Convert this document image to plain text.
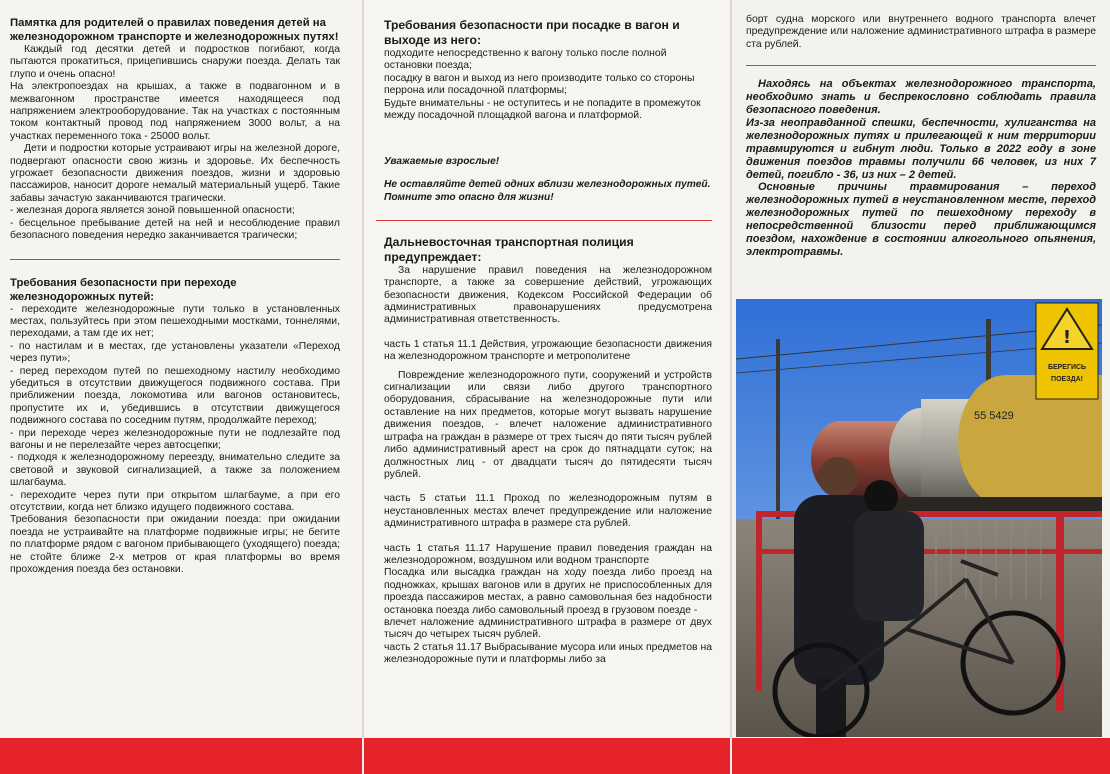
Памятка для родителей о правилах поведения детей на железнодорожном транспорте и железнодорожных путях!

Каждый год десятки детей и подростков погибают, когда пытаются прокатиться, прицепившись снаружи поезда. Делать так глупо и очень опасно!

На электропоездах на крышах, а также в подвагонном и в межвагонном пространстве имеется находящееся под напряжением электрооборудование. Так на участках с постоянным током контактный провод под напряжением 3000 вольт, а на участках переменного тока - 25000 вольт.

Дети и подростки которые устраивают игры на железной дороге, подвергают опасности свою жизнь и здоровье. Их беспечность угрожает безопасности движения поездов, жизни и здоровью пассажиров, наносит дороге немалый материальный ущерб. Такие забавы зачастую заканчиваются трагически.

- железная дорога является зоной повышенной опасности;

- бесцельное пребывание детей на ней и несоблюдение правил безопасного поведения нередко заканчивается трагически;

Требования безопасности при переходе железнодорожных путей:

- переходите железнодорожные пути только в установленных местах, пользуйтесь при этом пешеходными мостками, тоннелями, переходами, а там где их нет;

- по настилам и в местах, где установлены указатели «Переход через пути»;

- перед переходом путей по пешеходному настилу необходимо убедиться в отсутствии движущегося подвижного состава. При приближении поезда, локомотива или вагонов остановитесь, пропустите их и, убедившись в отсутствии движущегося подвижного состава по соседним путям, продолжайте переход;

- при переходе через железнодорожные пути не подлезайте под вагоны и не перелезайте через автосцепки;

- подходя к железнодорожному переезду, внимательно следите за световой и звуковой сигнализацией, а также за положением шлагбаума.

- переходите через пути при открытом шлагбауме, а при его отсутствии, когда нет близко идущего подвижного состава.

Требования безопасности при ожидании поезда: при ожидании поезда не устраивайте на платформе подвижные игры; не бегите по платформе рядом с вагоном прибывающего (уходящего) поезда; не стойте ближе 2-х метров от края платформы во время прохождения поезда без остановки.

Требования безопасности при посадке в вагон и выходе из него:

подходите непосредственно к вагону только после полной остановки поезда;

посадку в вагон и выход из него производите только со стороны перрона или посадочной платформы;

Будьте внимательны - не оступитесь и не попадите в промежуток между посадочной площадкой вагона и платформой.

Уважаемые взрослые!

Не оставляйте детей одних вблизи железнодорожных путей. Помните это опасно для жизни!

Дальневосточная транспортная полиция предупреждает:

За нарушение правил поведения на железнодорожном транспорте, а также за совершение действий, угрожающих безопасности движения, Кодексом Российской Федерации об административных правонарушениях предусмотрена административная ответственность.

часть 1 статья 11.1 Действия, угрожающие безопасности движения на железнодорожном транспорте и метрополитене

Повреждение железнодорожного пути, сооружений и устройств сигнализации или связи либо другого транспортного оборудования, сбрасывание на железнодорожные пути или оставление на них предметов, которые могут вызвать нарушение движения поездов, - влечет наложение административного штрафа на граждан в размере от трех тысяч до пяти тысяч рублей либо административный арест на срок до пятнадцати суток; на должностных лиц - от двадцати тысяч до пятидесяти тысяч рублей.

часть 5 статьи 11.1 Проход по железнодорожным путям в неустановленных местах влечет предупреждение или наложение административного штрафа в размере ста рублей.

часть 1 статья 11.17 Нарушение правил поведения граждан на железнодорожном, воздушном или водном транспорте

Посадка или высадка граждан на ходу поезда либо проезд на подножках, крышах вагонов или в других не приспособленных для проезда пассажиров местах, а равно самовольная без надобности остановка поезда либо самовольный проезд в грузовом поезде -

влечет наложение административного штрафа в размере от двух тысяч до четырех тысяч рублей.

часть 2 статья 11.17 Выбрасывание мусора или иных предметов на железнодорожные пути и платформы либо за

борт судна морского или внутреннего водного транспорта влечет предупреждение или наложение административного штрафа в размере ста рублей.

Находясь на объектах железнодорожного транспорта, необходимо знать и беспрекословно соблюдать правила безопасного поведения.

Из-за неоправданной спешки, беспечности, хулиганства на железнодорожных путях и прилегающей к ним территории травмируются и гибнут люди. Только в 2022 году в зоне движения поездов травмы получили 66 человек, из них 7 детей, погибло - 36, из них – 2 детей.

Основные причины травмирования – переход железнодорожных путей в неустановленном месте, переход железнодорожных путей по пешеходному переходу в непосредственной близости перед приближающимся поездом, нахождение в состоянии алкогольного опьянения, электротравмы.

55 5429
!
БЕРЕГИСЬ
ПОЕЗДА!
